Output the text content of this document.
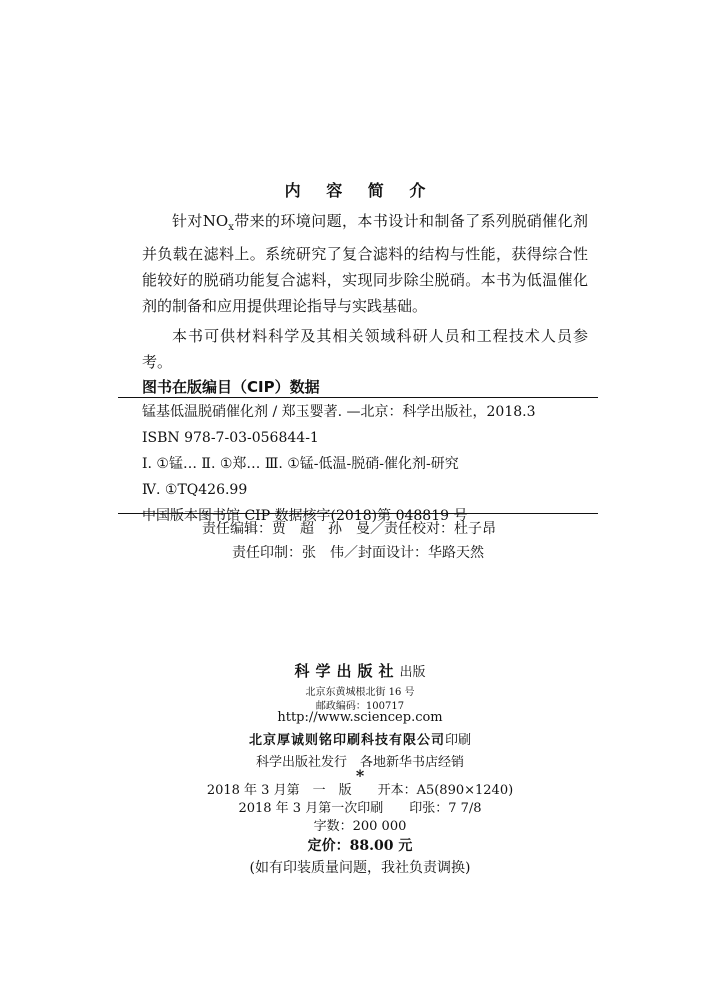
内 容 简 介

针对$NO_x$带来的环境问题，本书设计和制备了系列脱硝催化剂并负载在滤料上。系统研究了复合滤料的结构与性能，获得综合性能较好的脱硝功能复合滤料，实现同步除尘脱硝。本书为低温催化剂的制备和应用提供理论指导与实践基础。

本书可供材料科学及其相关领域科研人员和工程技术人员参考。

图书在版编目（CIP）数据
锰基低温脱硝催化剂 / 郑玉婴著. —北京：科学出版社，2018.3
ISBN 978-7-03-056844-1
Ⅰ. ①锰… Ⅱ. ①郑… Ⅲ. ①锰-低温-脱硝-催化剂-研究
Ⅳ. ①TQ426.99
中国版本图书馆 CIP 数据核字(2018)第 048819 号
责任编辑：贾　超　孙　曼／责任校对：杜子昂
责任印制：张　伟／封面设计：华路天然
科学出版社出版
北京东黄城根北街 16 号
邮政编码：100717
http://www.sciencep.com
北京厚诚则铭印刷科技有限公司印刷
科学出版社发行　各地新华书店经销
*
2018 年 3 月第　一　版　　开本：A5(890×1240)
2018 年 3 月第一次印刷　　印张：7 7/8
字数：200 000
定价：88.00 元
(如有印装质量问题，我社负责调换)
